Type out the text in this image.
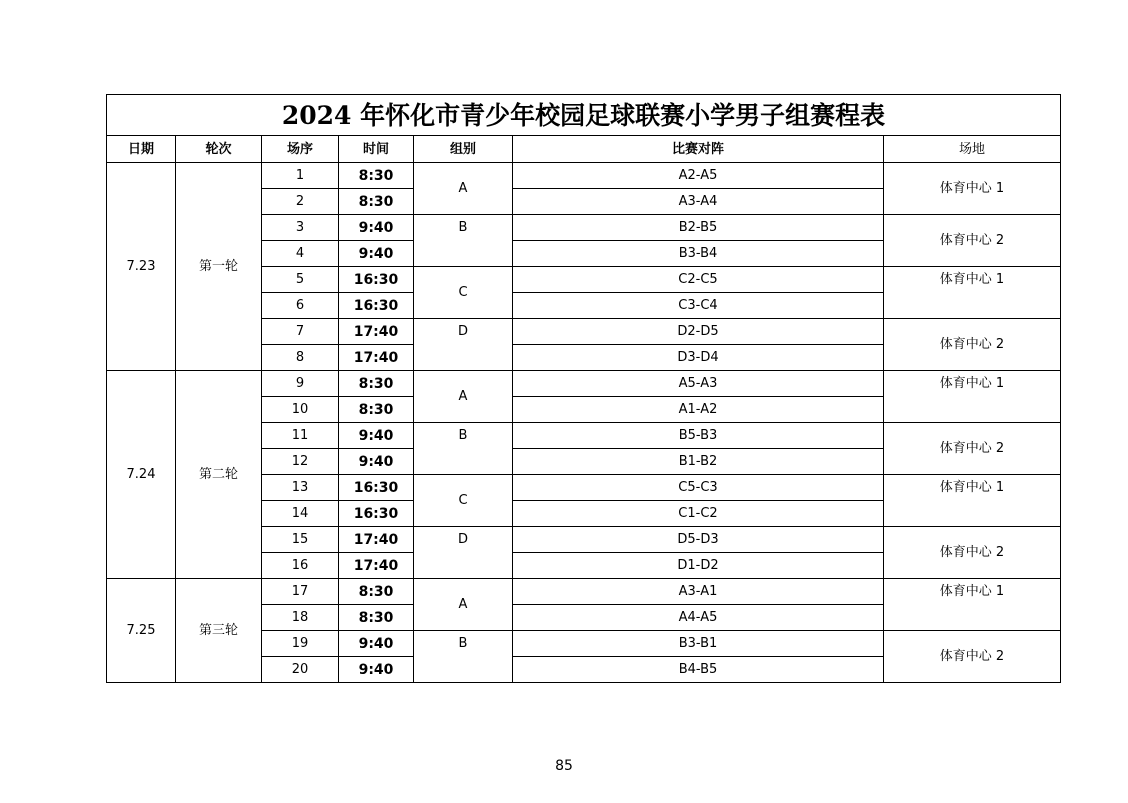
2024 年怀化市青少年校园足球联赛小学男子组赛程表						
日期	轮次	场序	时间	组别	比赛对阵	场地
7.23	第一轮	1	8:30	A	A2-A5	体育中心 1
		2	8:30		A3-A4	
		3	9:40	B	B2-B5	体育中心 2
		4	9:40		B3-B4	
		5	16:30	C	C2-C5	体育中心 1
		6	16:30		C3-C4	
		7	17:40	D	D2-D5	体育中心 2
		8	17:40		D3-D4	
7.24	第二轮	9	8:30	A	A5-A3	体育中心 1
		10	8:30		A1-A2	
		11	9:40	B	B5-B3	体育中心 2
		12	9:40		B1-B2	
		13	16:30	C	C5-C3	体育中心 1
		14	16:30		C1-C2	
		15	17:40	D	D5-D3	体育中心 2
		16	17:40		D1-D2	
7.25	第三轮	17	8:30	A	A3-A1	体育中心 1
		18	8:30		A4-A5	
		19	9:40	B	B3-B1	体育中心 2
		20	9:40		B4-B5	
85
